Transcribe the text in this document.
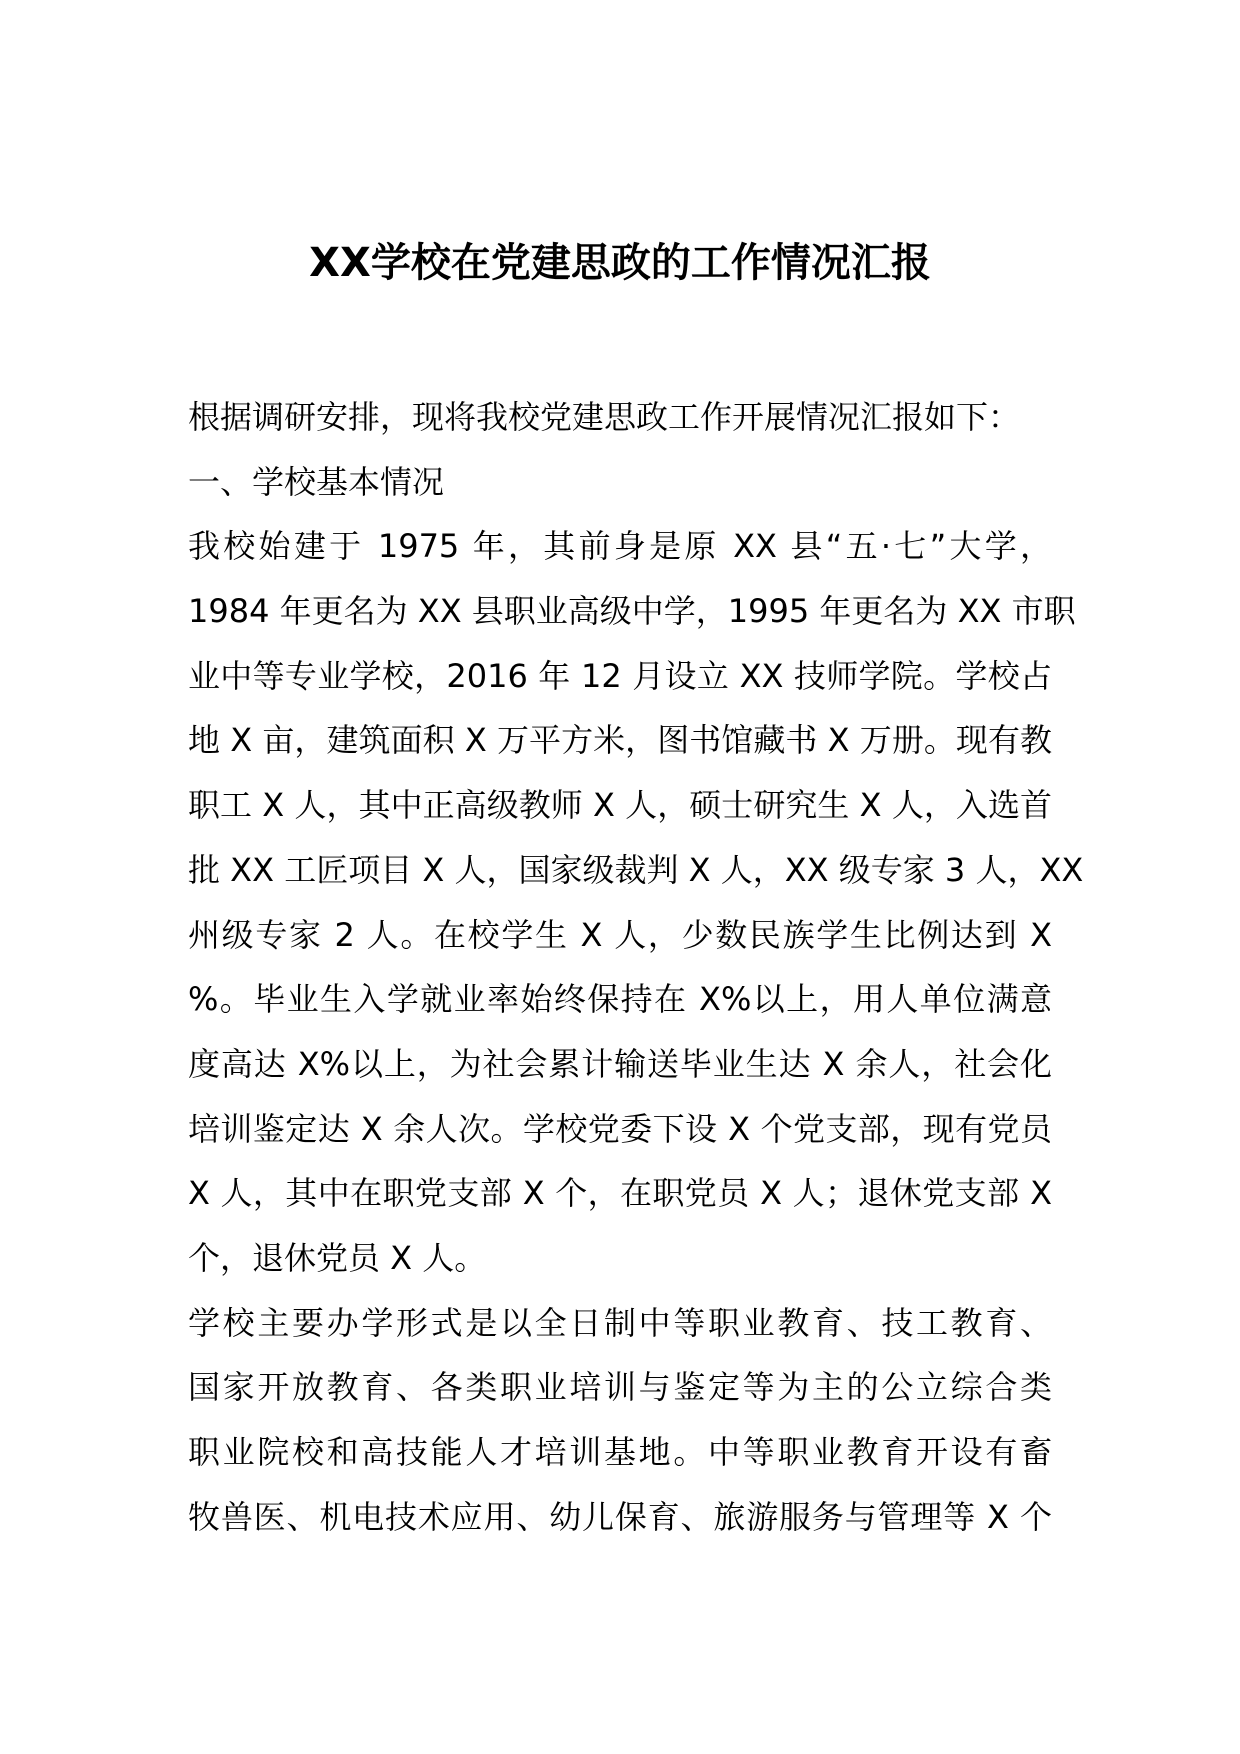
XX学校在党建思政的工作情况汇报
根据调研安排，现将我校党建思政工作开展情况汇报如下：
一、学校基本情况
我校始建于 1975 年，其前身是原 XX 县“五·七”大学，
1984 年更名为 XX 县职业高级中学，1995 年更名为 XX 市职
业中等专业学校，2016 年 12 月设立 XX 技师学院。学校占
地 X 亩，建筑面积 X 万平方米，图书馆藏书 X 万册。现有教
职工 X 人，其中正高级教师 X 人，硕士研究生 X 人，入选首
批 XX 工匠项目 X 人，国家级裁判 X 人，XX 级专家 3 人，XX
州级专家 2 人。在校学生 X 人，少数民族学生比例达到 X
%。毕业生入学就业率始终保持在 X%以上，用人单位满意
度高达 X%以上，为社会累计输送毕业生达 X 余人，社会化
培训鉴定达 X 余人次。学校党委下设 X 个党支部，现有党员
X 人，其中在职党支部 X 个，在职党员 X 人；退休党支部 X
个，退休党员 X 人。
学校主要办学形式是以全日制中等职业教育、技工教育、
国家开放教育、各类职业培训与鉴定等为主的公立综合类
职业院校和高技能人才培训基地。中等职业教育开设有畜
牧兽医、机电技术应用、幼儿保育、旅游服务与管理等 X 个
